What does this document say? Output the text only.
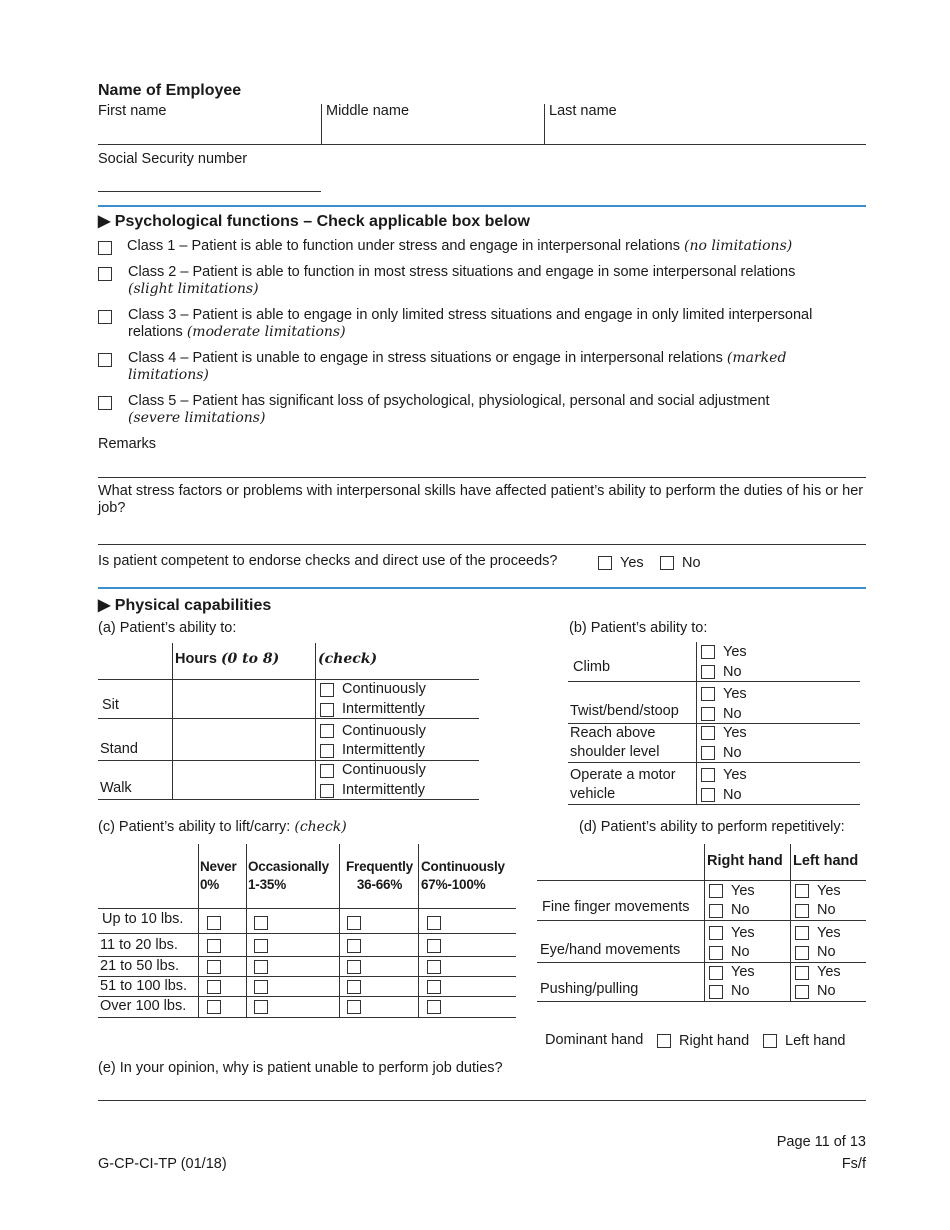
Name of Employee
First name	Middle name	Last name
Social Security number
▶ Psychological functions – Check applicable box below
Class 1 – Patient is able to function under stress and engage in interpersonal relations (no limitations)
Class 2 – Patient is able to function in most stress situations and engage in some interpersonal relations
(slight limitations)
Class 3 – Patient is able to engage in only limited stress situations and engage in only limited interpersonal relations (moderate limitations)
Class 4 – Patient is unable to engage in stress situations or engage in interpersonal relations (marked limitations)
Class 5 – Patient has significant loss of psychological, physiological, personal and social adjustment
(severe limitations)
Remarks
What stress factors or problems with interpersonal skills have affected patient’s ability to perform the duties of his or her job?
Is patient competent to endorse checks and direct use of the proceeds?	Yes	No
▶ Physical capabilities
(a) Patient’s ability to:
Hours (0 to 8)	(check)
Sit
Continuously
Intermittently
Stand
Continuously
Intermittently
Walk
Continuously
Intermittently
(b) Patient’s ability to:
Climb
Yes
No
Twist/bend/stoop
Yes
No
Reach above
shoulder level
Yes
No
Operate a motor
vehicle
Yes
No
(c) Patient’s ability to lift/carry: (check)
Never
0%
Occasionally
1-35%
Frequently
36-66%
Continuously
67%-100%
Up to 10 lbs.
11 to 20 lbs.
21 to 50 lbs.
51 to 100 lbs.
Over 100 lbs.
(d) Patient’s ability to perform repetitively:
Right hand Left hand
Fine finger movements
Yes
No
Yes
No
Eye/hand movements
Yes
No
Yes
No
Pushing/pulling
Yes
No
Yes
No
Dominant hand Right hand Left hand
(e) In your opinion, why is patient unable to perform job duties?
Page 11 of 13
G-CP-CI-TP (01/18)	Fs/f
